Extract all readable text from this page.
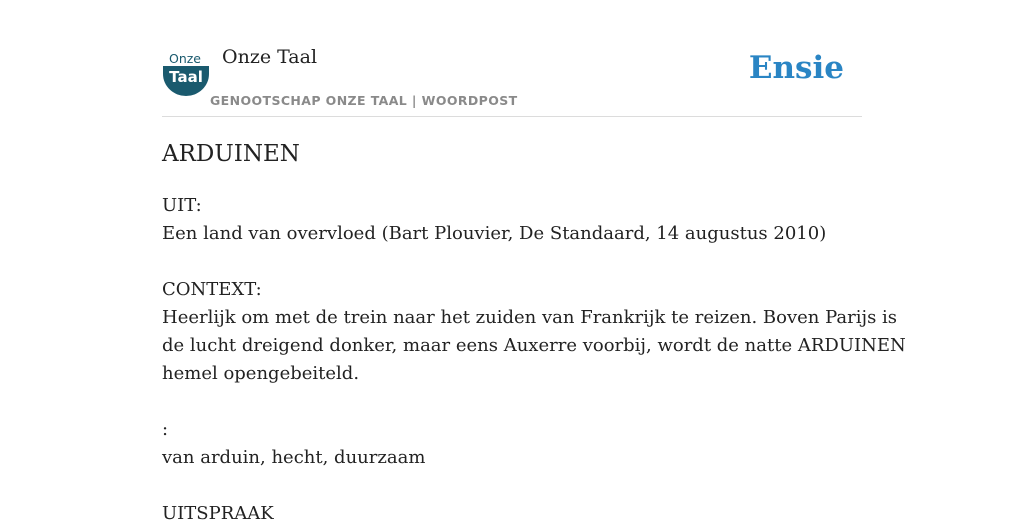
Onze
Taal
Onze Taal
GENOOTSCHAP ONZE TAAL | WOORDPOST
Ensie
ARDUINEN
UIT:
Een land van overvloed (Bart Plouvier, De Standaard, 14 augustus 2010)
CONTEXT:
Heerlijk om met de trein naar het zuiden van Frankrijk te reizen. Boven Parijs is
de lucht dreigend donker, maar eens Auxerre voorbij, wordt de natte ARDUINEN
hemel opengebeiteld.
:
van arduin, hecht, duurzaam
UITSPRAAK
